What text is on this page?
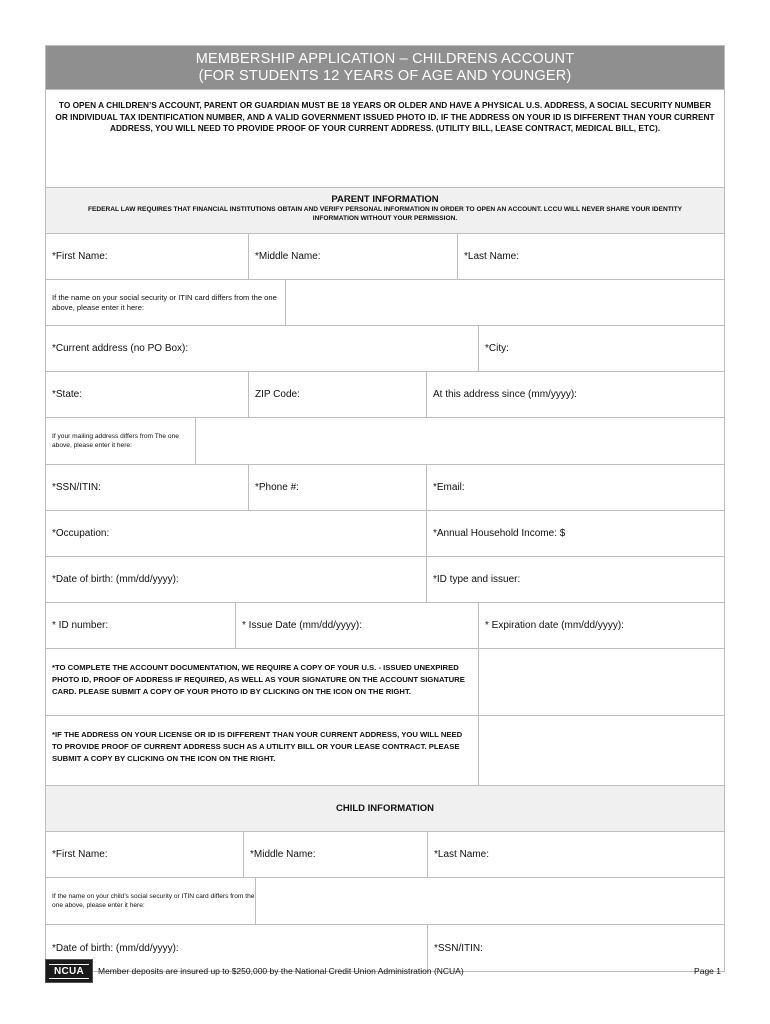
MEMBERSHIP APPLICATION – CHILDRENS ACCOUNT
(FOR STUDENTS 12 YEARS OF AGE AND YOUNGER)
TO OPEN A CHILDREN’S ACCOUNT, PARENT OR GUARDIAN MUST BE 18 YEARS OR OLDER AND HAVE A PHYSICAL U.S. ADDRESS, A SOCIAL SECURITY NUMBER OR INDIVIDUAL TAX IDENTIFICATION NUMBER, AND A VALID GOVERNMENT ISSUED PHOTO ID. IF THE ADDRESS ON YOUR ID IS DIFFERENT THAN YOUR CURRENT ADDRESS, YOU WILL NEED TO PROVIDE PROOF OF YOUR CURRENT ADDRESS. (UTILITY BILL, LEASE CONTRACT, MEDICAL BILL, ETC).
PARENT INFORMATION
FEDERAL LAW REQUIRES THAT FINANCIAL INSTITUTIONS OBTAIN AND VERIFY PERSONAL INFORMATION IN ORDER TO OPEN AN ACCOUNT. LCCU WILL NEVER SHARE YOUR IDENTITY INFORMATION WITHOUT YOUR PERMISSION.
*First Name:	*Middle Name:	*Last Name:
If the name on your social security or ITIN card differs from the one above, please enter it here:
*Current address (no PO Box):	*City:
*State:	ZIP Code:	At this address since (mm/yyyy):
If your mailing address differs from The one above, please enter it here:
*SSN/ITIN:	*Phone #:	*Email:
*Occupation:	*Annual Household Income: $
*Date of birth: (mm/dd/yyyy):	*ID type and issuer:
* ID number:	* Issue Date (mm/dd/yyyy):	* Expiration date (mm/dd/yyyy):
*TO COMPLETE THE ACCOUNT DOCUMENTATION, WE REQUIRE A COPY OF YOUR U.S. - ISSUED UNEXPIRED PHOTO ID, PROOF OF ADDRESS IF REQUIRED, AS WELL AS YOUR SIGNATURE ON THE ACCOUNT SIGNATURE CARD. PLEASE SUBMIT A COPY OF YOUR PHOTO ID BY CLICKING ON THE ICON ON THE RIGHT.
*IF THE ADDRESS ON YOUR LICENSE OR ID IS DIFFERENT THAN YOUR CURRENT ADDRESS, YOU WILL NEED TO PROVIDE PROOF OF CURRENT ADDRESS SUCH AS A UTILITY BILL OR YOUR LEASE CONTRACT. PLEASE SUBMIT A COPY BY CLICKING ON THE ICON ON THE RIGHT.
CHILD INFORMATION
*First Name:	*Middle Name:	*Last Name:
If the name on your child’s social security or ITIN card differs from the one above, please enter it here:
*Date of birth: (mm/dd/yyyy):	*SSN/ITIN:
NCUA Member deposits are insured up to $250,000 by the National Credit Union Administration (NCUA)	Page 1
